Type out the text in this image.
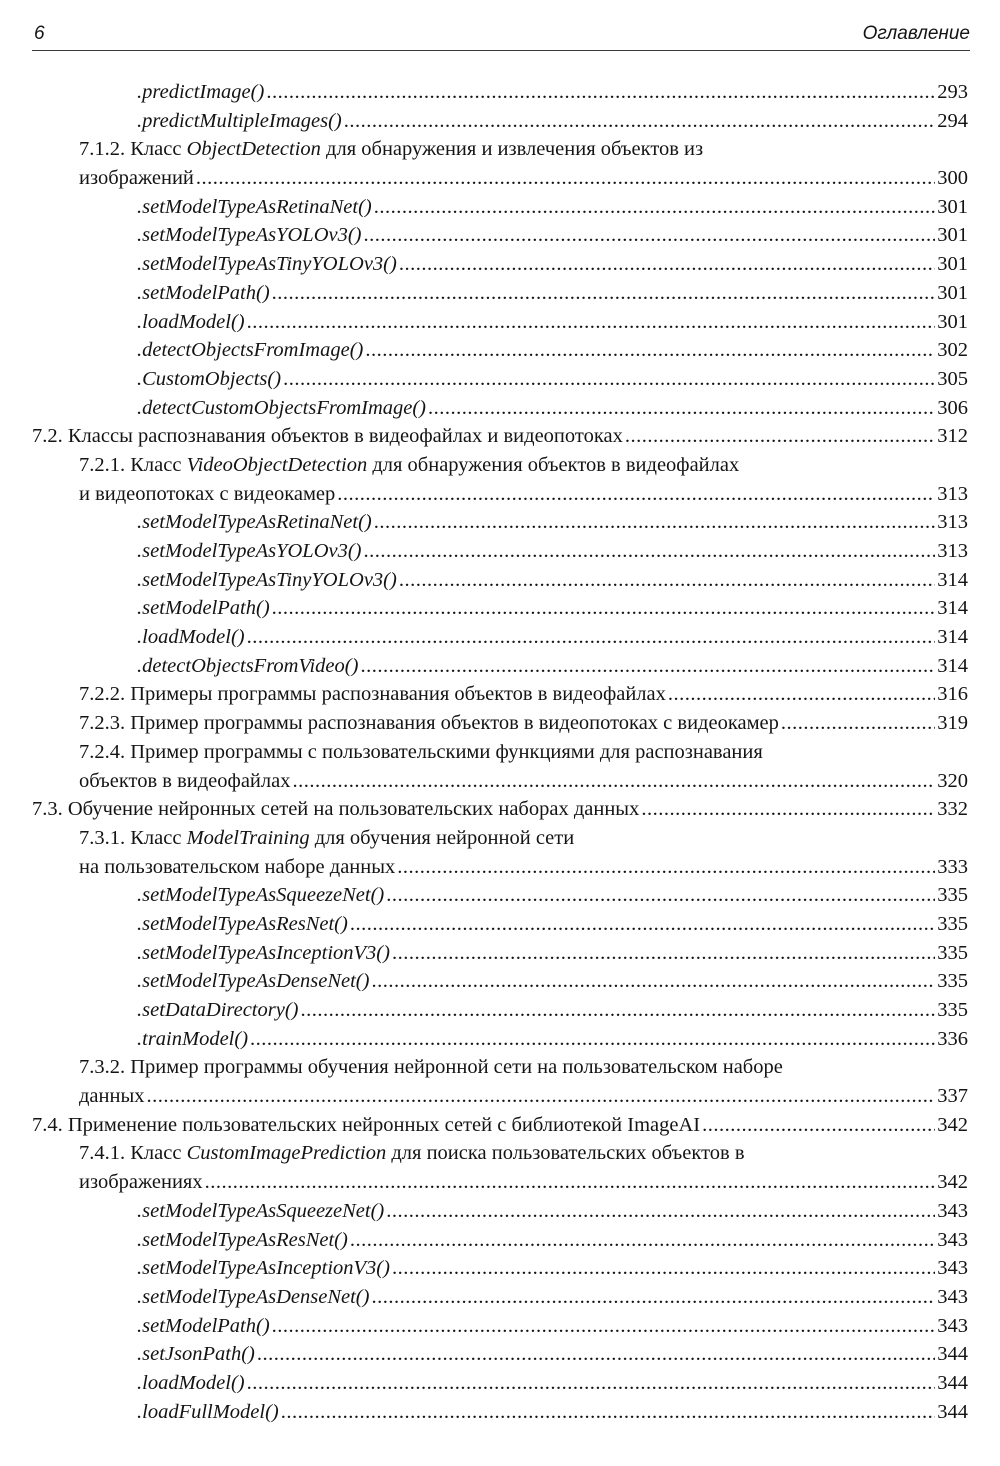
6	Оглавление
.predictImage() .....	293
.predictMultipleImages() .....	294
7.1.2. Класс ObjectDetection для обнаружения и извлечения объектов из
изображений .....	300
.setModelTypeAsRetinaNet() .....	301
.setModelTypeAsYOLOv3() .....	301
.setModelTypeAsTinyYOLOv3() .....	301
.setModelPath() .....	301
.loadModel() .....	301
.detectObjectsFromImage() .....	302
.CustomObjects() .....	305
.detectCustomObjectsFromImage() .....	306
7.2. Классы распознавания объектов в видеофайлах и видеопотоках .....	312
7.2.1. Класс VideoObjectDetection для обнаружения объектов в видеофайлах
и видеопотоках с видеокамер .....	313
.setModelTypeAsRetinaNet() .....	313
.setModelTypeAsYOLOv3() .....	313
.setModelTypeAsTinyYOLOv3() .....	314
.setModelPath() .....	314
.loadModel() .....	314
.detectObjectsFromVideo() .....	314
7.2.2. Примеры программы распознавания объектов в видеофайлах .....	316
7.2.3. Пример программы распознавания объектов в видеопотоках с видеокамер .....	319
7.2.4. Пример программы с пользовательскими функциями для распознавания
объектов в видеофайлах .....	320
7.3. Обучение нейронных сетей на пользовательских наборах данных .....	332
7.3.1. Класс ModelTraining для обучения нейронной сети
на пользовательском наборе данных .....	333
.setModelTypeAsSqueezeNet() .....	335
.setModelTypeAsResNet() .....	335
.setModelTypeAsInceptionV3() .....	335
.setModelTypeAsDenseNet() .....	335
.setDataDirectory() .....	335
.trainModel() .....	336
7.3.2. Пример программы обучения нейронной сети на пользовательском наборе
данных .....	337
7.4. Применение пользовательских нейронных сетей с библиотекой ImageAI .....	342
7.4.1. Класс CustomImagePrediction для поиска пользовательских объектов в
изображениях .....	342
.setModelTypeAsSqueezeNet() .....	343
.setModelTypeAsResNet() .....	343
.setModelTypeAsInceptionV3() .....	343
.setModelTypeAsDenseNet() .....	343
.setModelPath() .....	343
.setJsonPath() .....	344
.loadModel() .....	344
.loadFullModel() .....	344
